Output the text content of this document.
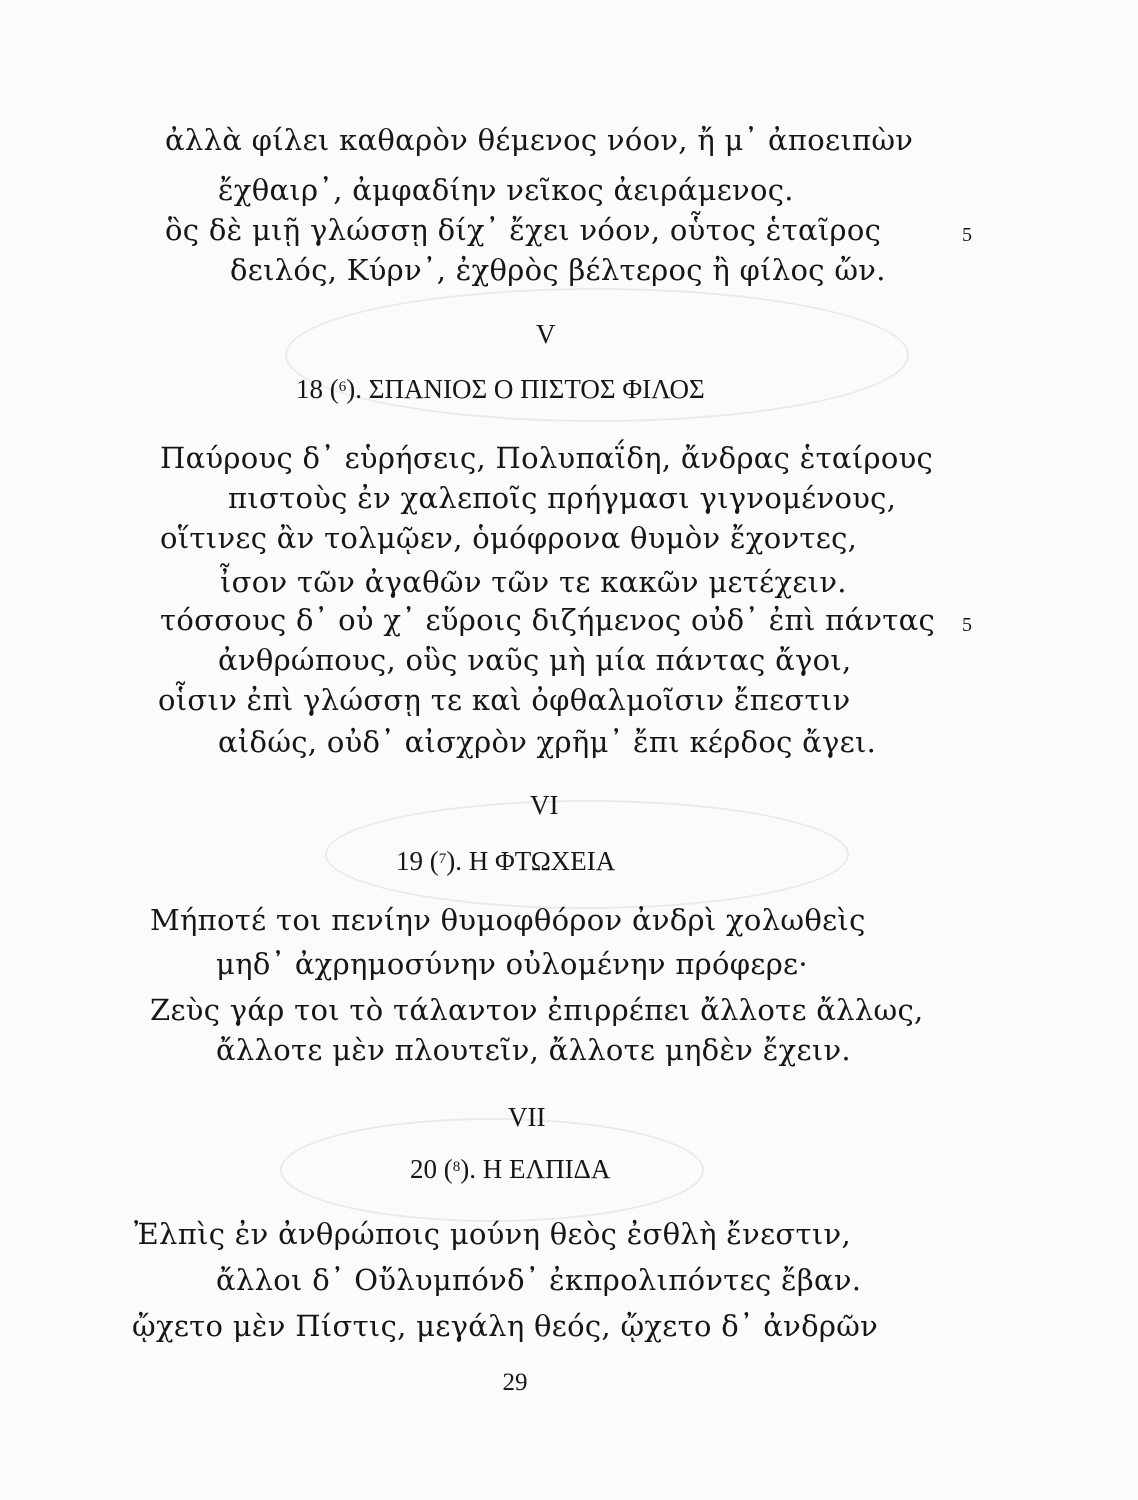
ἀλλὰ φίλει καθαρὸν θέμενος νόον, ἤ μ᾽ ἀποειπὼν
ἔχθαιρ᾽, ἀμφαδίην νεῖκος ἀειράμενος.
ὃς δὲ μιῇ γλώσσῃ δίχ᾽ ἔχει νόον, οὗτος ἑταῖρος	5
δειλός, Κύρν᾽, ἐχθρὸς βέλτερος ἢ φίλος ὤν.
V
18 ($^6$). ΣΠΑΝΙΟΣ Ο ΠΙΣΤΟΣ ΦΙΛΟΣ
Παύρους δ᾽ εὑρήσεις, Πολυπαΐδη, ἄνδρας ἑταίρους
πιστοὺς ἐν χαλεποῖς πρήγμασι γιγνομένους,
οἵτινες ἂν τολμῷεν, ὁμόφρονα θυμὸν ἔχοντες,
ἶσον τῶν ἀγαθῶν τῶν τε κακῶν μετέχειν.
τόσσους δ᾽ οὐ χ᾽ εὕροις διζήμενος οὐδ᾽ ἐπὶ πάντας 5
ἀνθρώπους, οὓς ναῦς μὴ μία πάντας ἄγοι,
οἷσιν ἐπὶ γλώσσῃ τε καὶ ὀφθαλμοῖσιν ἔπεστιν
αἰδώς, οὐδ᾽ αἰσχρὸν χρῆμ᾽ ἔπι κέρδος ἄγει.
VI
19 ($^7$). Η ΦΤΩΧΕΙΑ
Μήποτέ τοι πενίην θυμοφθόρον ἀνδρὶ χολωθεὶς
μηδ᾽ ἀχρημοσύνην οὐλομένην πρόφερε·
Ζεὺς γάρ τοι τὸ τάλαντον ἐπιρρέπει ἄλλοτε ἄλλως,
ἄλλοτε μὲν πλουτεῖν, ἄλλοτε μηδὲν ἔχειν.
VII
20 ($^8$). Η ΕΛΠΙΔΑ
Ἐλπὶς ἐν ἀνθρώποις μούνη θεὸς ἐσθλὴ ἔνεστιν,
ἄλλοι δ᾽ Οὔλυμπόνδ᾽ ἐκπρολιπόντες ἔβαν.
ᾤχετο μὲν Πίστις, μεγάλη θεός, ᾤχετο δ᾽ ἀνδρῶν
29
